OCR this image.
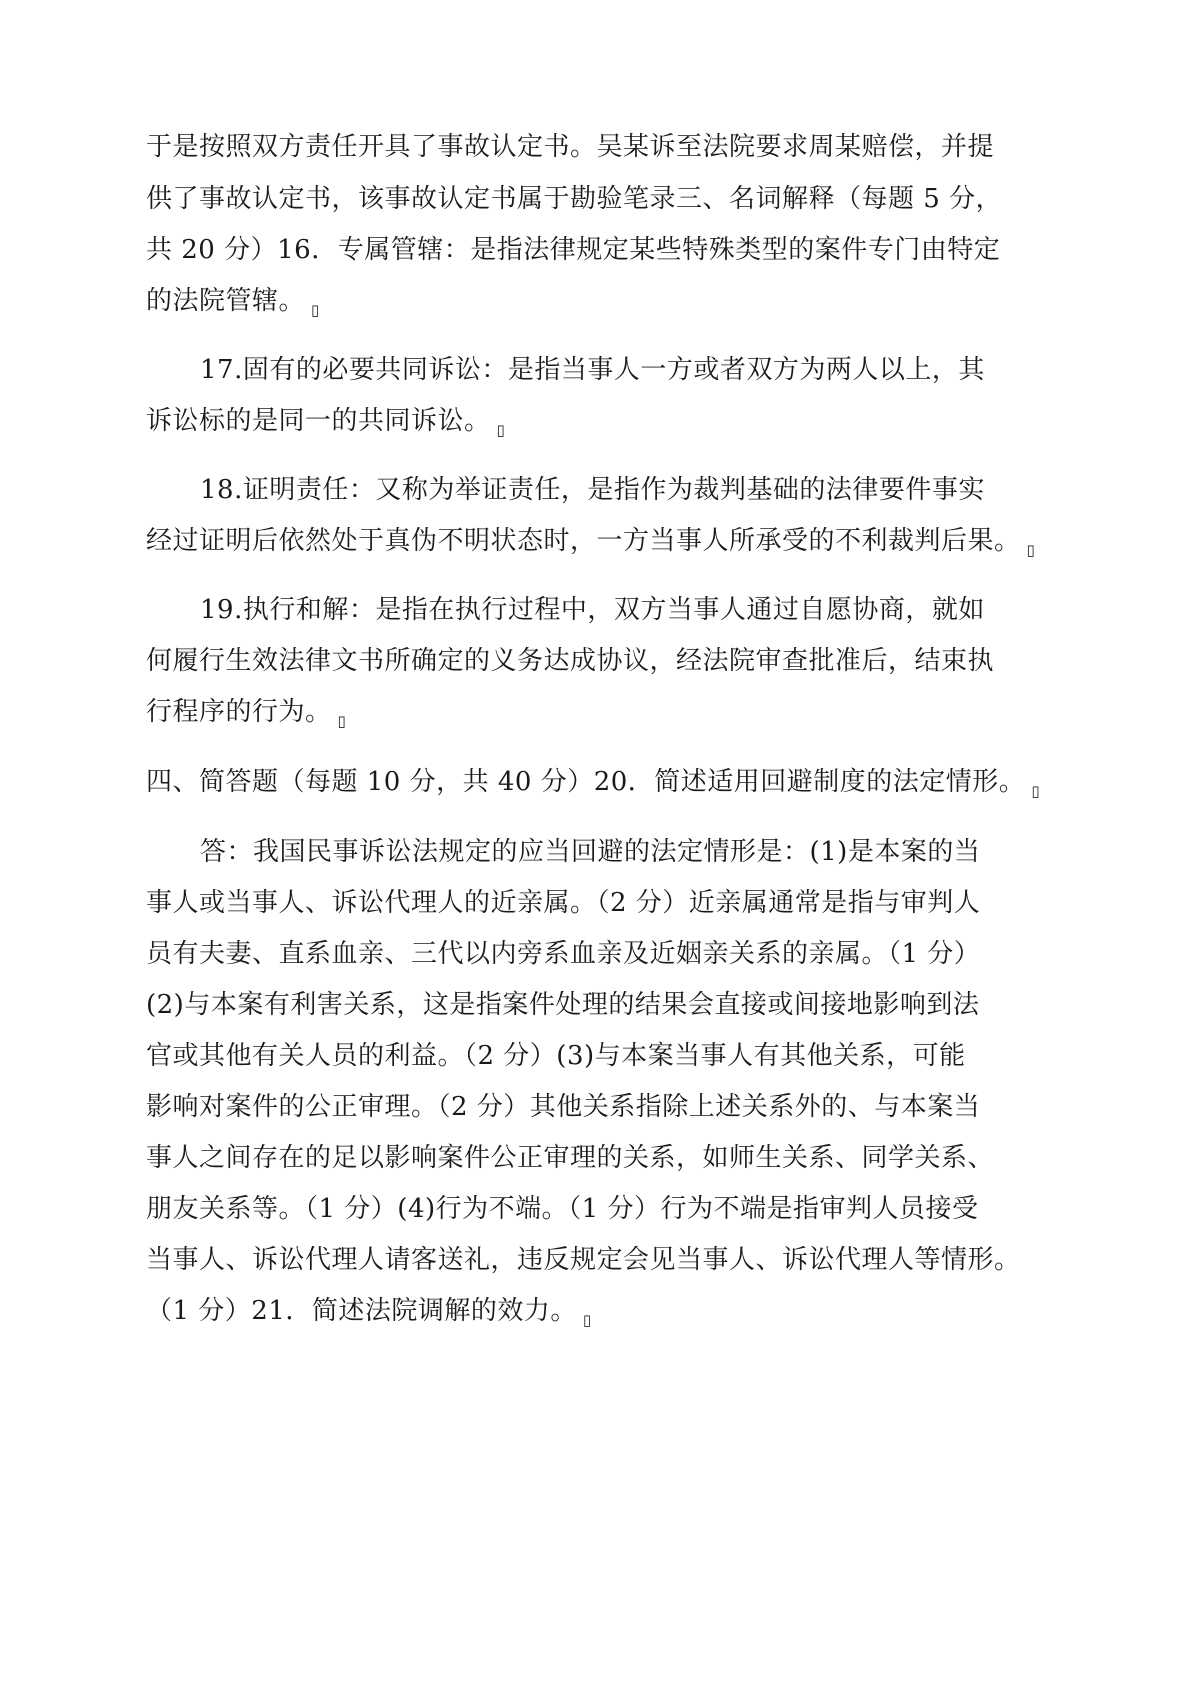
于是按照双方责任开具了事故认定书。吴某诉至法院要求周某赔偿，并提
供了事故认定书，该事故认定书属于勘验笔录三、名词解释（每题 5 分，
共 20 分）16．专属管辖：是指法律规定某些特殊类型的案件专门由特定
的法院管辖。 ▯
17.固有的必要共同诉讼：是指当事人一方或者双方为两人以上，其
诉讼标的是同一的共同诉讼。 ▯
18.证明责任：又称为举证责任，是指作为裁判基础的法律要件事实
经过证明后依然处于真伪不明状态时，一方当事人所承受的不利裁判后果。 ▯
19.执行和解：是指在执行过程中，双方当事人通过自愿协商，就如
何履行生效法律文书所确定的义务达成协议，经法院审查批准后，结束执
行程序的行为。 ▯
四、简答题（每题 10 分，共 40 分）20．简述适用回避制度的法定情形。 ▯
答：我国民事诉讼法规定的应当回避的法定情形是：(1)是本案的当
事人或当事人、诉讼代理人的近亲属。（2 分）近亲属通常是指与审判人
员有夫妻、直系血亲、三代以内旁系血亲及近姻亲关系的亲属。（1 分）
(2)与本案有利害关系，这是指案件处理的结果会直接或间接地影响到法
官或其他有关人员的利益。（2 分）(3)与本案当事人有其他关系，可能
影响对案件的公正审理。（2 分）其他关系指除上述关系外的、与本案当
事人之间存在的足以影响案件公正审理的关系，如师生关系、同学关系、
朋友关系等。（1 分）(4)行为不端。（1 分）行为不端是指审判人员接受
当事人、诉讼代理人请客送礼，违反规定会见当事人、诉讼代理人等情形。
（1 分）21．简述法院调解的效力。 ▯
